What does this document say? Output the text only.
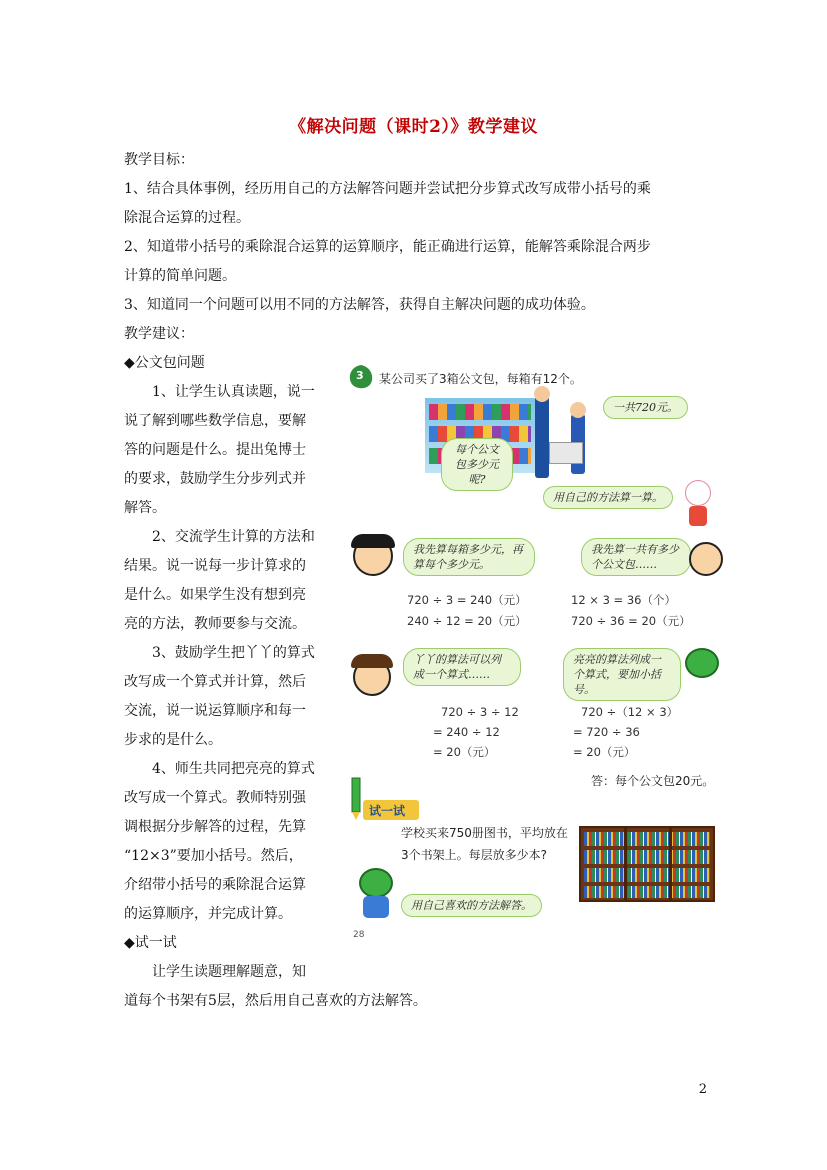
《解决问题（课时2）》教学建议

教学目标：

1、结合具体事例，经历用自己的方法解答问题并尝试把分步算式改写成带小括号的乘

除混合运算的过程。

2、知道带小括号的乘除混合运算的运算顺序，能正确进行运算，能解答乘除混合两步

计算的简单问题。

3、知道同一个问题可以用不同的方法解答，获得自主解决问题的成功体验。

教学建议：

◆公文包问题

1、让学生认真读题，说一

说了解到哪些数学信息，要解

答的问题是什么。提出兔博士

的要求，鼓励学生分步列式并

解答。

2、交流学生计算的方法和

结果。说一说每一步计算求的

是什么。如果学生没有想到亮

亮的方法，教师要参与交流。

3、鼓励学生把丫丫的算式

改写成一个算式并计算，然后

交流，说一说运算顺序和每一

步求的是什么。

4、师生共同把亮亮的算式

改写成一个算式。教师特别强

调根据分步解答的过程，先算

“12×3”要加小括号。然后，

介绍带小括号的乘除混合运算

的运算顺序，并完成计算。

◆试一试

让学生读题理解题意，知

道每个书架有5层，然后用自己喜欢的方法解答。

3 某公司买了3箱公文包，每箱有12个。
一共720元。
每个公文包多少元呢?
用自己的方法算一算。
我先算每箱多少元，再算每个多少元。
我先算一共有多少个公文包……
720 ÷ 3 = 240（元）
240 ÷ 12 = 20（元）
12 × 3 = 36（个）
720 ÷ 36 = 20（元）
丫丫的算法可以列成一个算式……
亮亮的算法列成一个算式，要加小括号。
720 ÷ 3 ÷ 12
= 240 ÷ 12
= 20（元）
720 ÷（12 × 3）
= 720 ÷ 36
= 20（元）
答：每个公文包20元。
试一试
学校买来750册图书，平均放在
3个书架上。每层放多少本?
用自己喜欢的方法解答。
28
2
